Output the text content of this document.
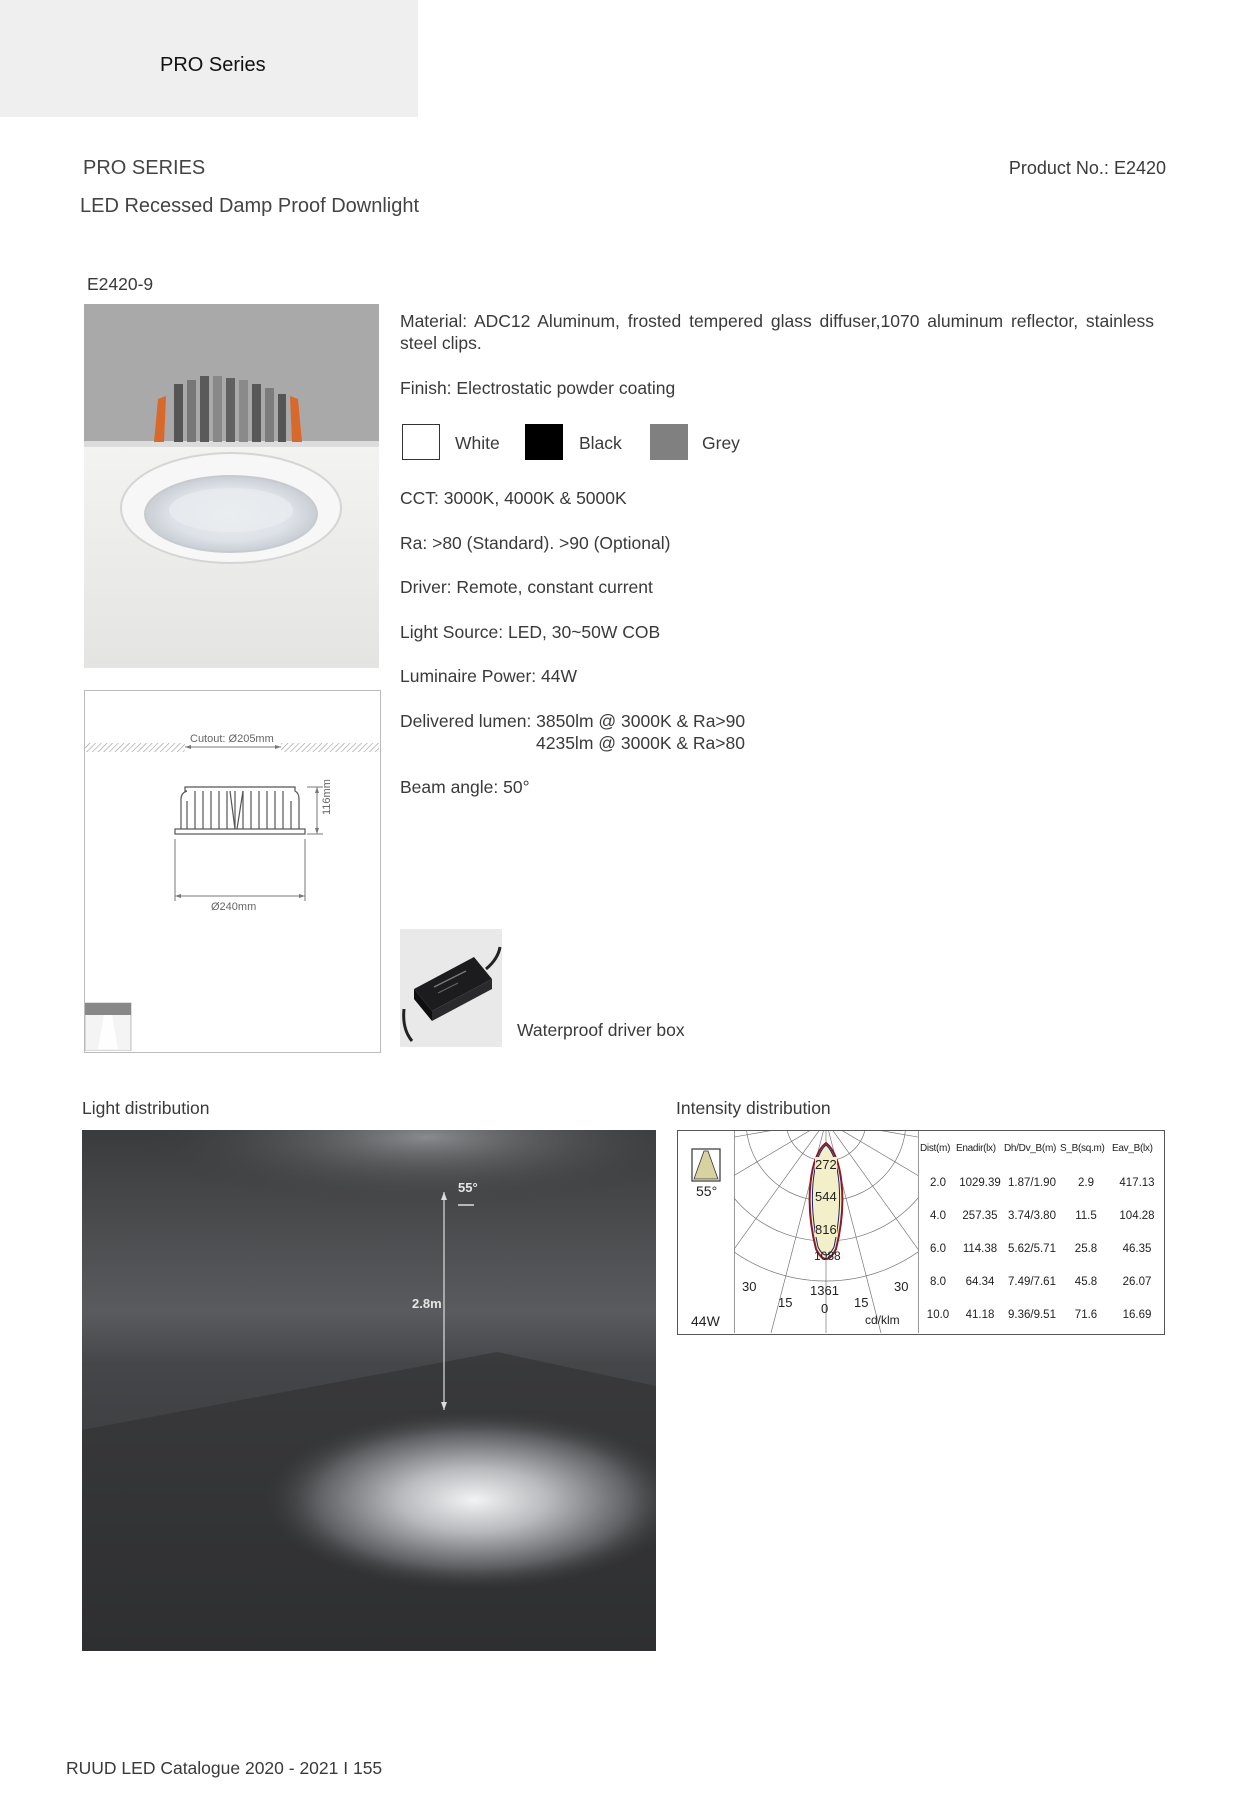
PRO Series
PRO SERIES	Product No.: E2420
LED Recessed Damp Proof Downlight
E2420-9
Cutout: Ø205mm
116mm
Ø240mm
Material: ADC12 Aluminum, frosted tempered glass diffuser,1070 aluminum reflector, stainless steel clips.
Finish: Electrostatic powder coating
White	Black	Grey
CCT: 3000K, 4000K & 5000K
Ra: >80 (Standard). >90 (Optional)
Driver: Remote, constant current
Light Source: LED, 30~50W COB
Luminaire Power: 44W
Delivered lumen: 3850lm @ 3000K & Ra>90
4235lm @ 3000K & Ra>80
Beam angle: 50°
Waterproof driver box
Light distribution	Intensity distribution
55°
2.8m
55°
44W
272
544
816
1088
1361
30
15 0 15
30
cd/klm
Dist(m) Enadir(lx) Dh/Dv_B(m) S_B(sq.m) Eav_B(lx)
2.0	1029.39 1.87/1.90	2.9	417.13
4.0	257.35 3.74/3.80	11.5	104.28
6.0	114.38 5.62/5.71	25.8	46.35
8.0	64.34	7.49/7.61	45.8	26.07
10.0	41.18	9.36/9.51	71.6	16.69
RUUD LED Catalogue 2020 - 2021 I 155
